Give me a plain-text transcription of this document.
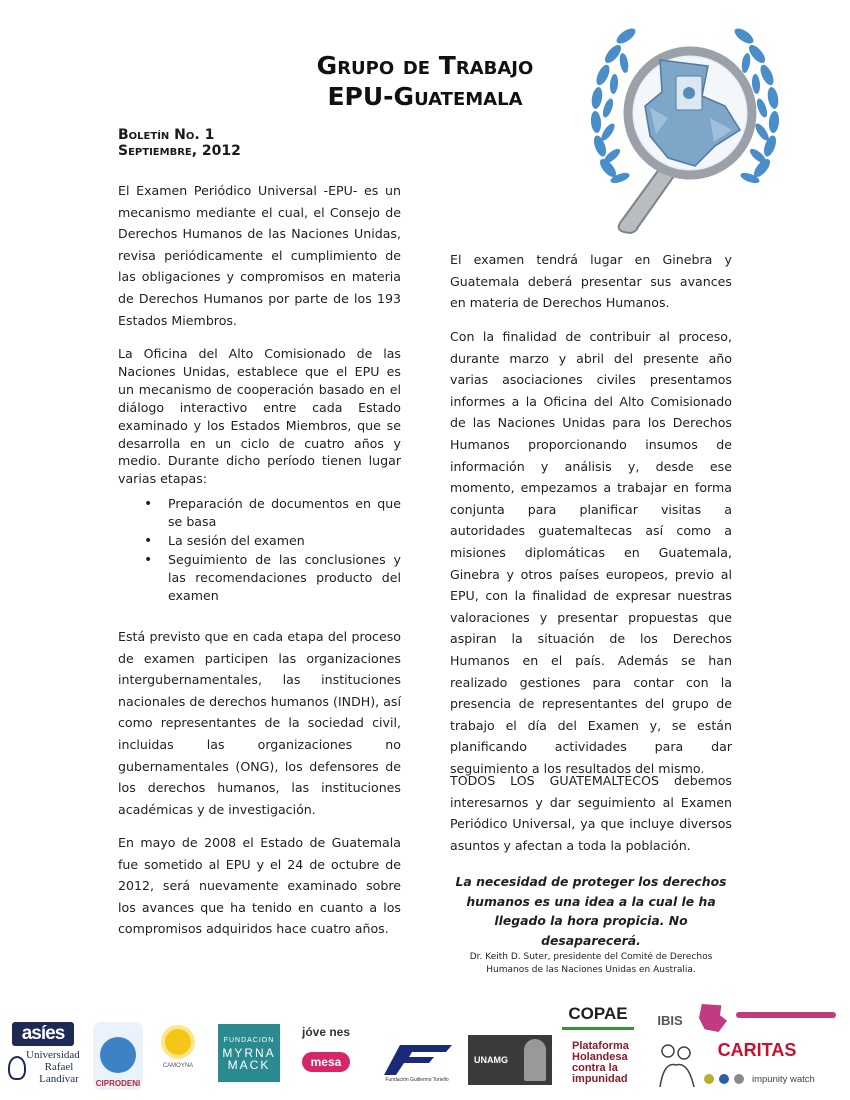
Grupo de Trabajo
EPU-Guatemala
Boletín No. 1
Septiembre, 2012

El Examen Periódico Universal -EPU- es un mecanismo mediante el cual, el Consejo de Derechos Humanos de las Naciones Unidas, revisa periódicamente el cumplimiento de las obligaciones y compromisos en materia de Derechos Humanos por parte de los 193 Estados Miembros.

La Oficina del Alto Comisionado de las Naciones Unidas, establece que el EPU es un mecanismo de cooperación basado en el diálogo interactivo entre cada Estado examinado y los Estados Miembros, que se desarrolla en un ciclo de cuatro años y medio. Durante dicho período tienen lugar varias etapas:

• Preparación de documentos en que se basa
• La sesión del examen
• Seguimiento de las conclusiones y las recomendaciones producto del examen

Está previsto que en cada etapa del proceso de examen participen las organizaciones intergubernamentales, las instituciones nacionales de derechos humanos (INDH), así como representantes de la sociedad civil, incluidas las organizaciones no gubernamentales (ONG), los defensores de los derechos humanos, las instituciones académicas y de investigación.

En mayo de 2008 el Estado de Guatemala fue sometido al EPU y el 24 de octubre de 2012, será nuevamente examinado sobre los avances que ha tenido en cuanto a los compromisos adquiridos hace cuatro años.

El examen tendrá lugar en Ginebra y Guatemala deberá presentar sus avances en materia de Derechos Humanos.

Con la finalidad de contribuir al proceso, durante marzo y abril del presente año varias asociaciones civiles presentamos informes a la Oficina del Alto Comisionado de las Naciones Unidas para los Derechos Humanos proporcionando insumos de información y análisis y, desde ese momento, empezamos a trabajar en forma conjunta para planificar visitas a autoridades guatemaltecas así como a misiones diplomáticas en Guatemala, Ginebra y otros países europeos, previo al EPU, con la finalidad de expresar nuestras valoraciones y presentar propuestas que aspiran la situación de los Derechos Humanos en el país. Además se han realizado gestiones para contar con la presencia de representantes del grupo de trabajo el día del Examen y, se están planificando actividades para dar seguimiento a los resultados del mismo.

TODOS LOS GUATEMALTECOS debemos interesarnos y dar seguimiento al Examen Periódico Universal, ya que incluye diversos asuntos y afectan a toda la población.

La necesidad de proteger los derechos humanos es una idea a la cual le ha llegado la hora propicia. No desaparecerá.
Dr. Keith D. Suter, presidente del Comité de Derechos Humanos de las Naciones Unidas en Australia.
asíes
Universidad
Rafael Landívar	CIPRODENI
CAMOYNA
FUNDACION
MYRNA
MACK
jóve nes
mesa
Fundación Guillermo Toriello
UNAMG
COPAE
Plataforma
Holandesa
contra la
impunidad
IBIS
CARITAS
impunity watch
